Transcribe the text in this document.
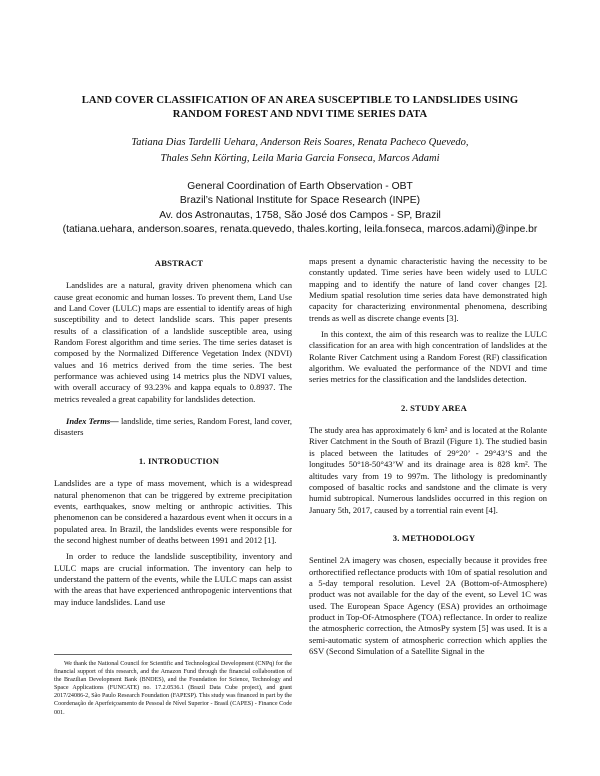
LAND COVER CLASSIFICATION OF AN AREA SUSCEPTIBLE TO LANDSLIDES USING
RANDOM FOREST AND NDVI TIME SERIES DATA
Tatiana Dias Tardelli Uehara, Anderson Reis Soares, Renata Pacheco Quevedo,
Thales Sehn Körting, Leila Maria Garcia Fonseca, Marcos Adami
General Coordination of Earth Observation - OBT
Brazil’s National Institute for Space Research (INPE)
Av. dos Astronautas, 1758, São José dos Campos - SP, Brazil
(tatiana.uehara, anderson.soares, renata.quevedo, thales.korting, leila.fonseca, marcos.adami)@inpe.br

ABSTRACT

Landslides are a natural, gravity driven phenomena which can cause great economic and human losses. To prevent them, Land Use and Land Cover (LULC) maps are essential to identify areas of high susceptibility and to detect landslide scars. This paper presents results of a classification of a landslide susceptible area, using Random Forest algorithm and time series. The time series dataset is composed by the Normalized Difference Vegetation Index (NDVI) values and 16 metrics derived from the time series. The best performance was achieved using 14 metrics plus the NDVI values, with overall accuracy of 93.23% and kappa equals to 0.8937. The metrics revealed a great capability for landslides detection.

Index Terms— landslide, time series, Random Forest, land cover, disasters

1. INTRODUCTION

Landslides are a type of mass movement, which is a widespread natural phenomenon that can be triggered by extreme precipitation events, earthquakes, snow melting or anthropic activities. This phenomenon can be considered a hazardous event when it occurs in a populated area. In Brazil, the landslides events were responsible for the second highest number of deaths between 1991 and 2012 [1].

In order to reduce the landslide susceptibility, inventory and LULC maps are crucial information. The inventory can help to understand the pattern of the events, while the LULC maps can assist with the areas that have experienced anthropogenic interventions that may induce landslides. Land use

We thank the National Council for Scientific and Technological Development (CNPq) for the financial support of this research, and the Amazon Fund through the financial collaboration of the Brazilian Development Bank (BNDES), and the Foundation for Science, Technology and Space Applications (FUNCATE) no. 17.2.0536.1 (Brazil Data Cube project), and grant 2017/24086-2, São Paulo Research Foundation (FAPESP). This study was financed in part by the Coordenação de Aperfeiçoamento de Pessoal de Nível Superior - Brasil (CAPES) - Finance Code 001.

maps present a dynamic characteristic having the necessity to be constantly updated. Time series have been widely used to LULC mapping and to identify the nature of land cover changes [2]. Medium spatial resolution time series data have demonstrated high capacity for characterizing environmental phenomena, describing trends as well as discrete change events [3].

In this context, the aim of this research was to realize the LULC classification for an area with high concentration of landslides at the Rolante River Catchment using a Random Forest (RF) classification algorithm. We evaluated the performance of the NDVI and time series metrics for the classification and the landslides detection.

2. STUDY AREA

The study area has approximately 6 km² and is located at the Rolante River Catchment in the South of Brazil (Figure 1). The studied basin is placed between the latitudes of 29°20’ - 29°43’S and the longitudes 50°18-50°43’W and its drainage area is 828 km². The altitudes vary from 19 to 997m. The lithology is predominantly composed of basaltic rocks and sandstone and the climate is very humid subtropical. Numerous landslides occurred in this region on January 5th, 2017, caused by a torrential rain event [4].

3. METHODOLOGY

Sentinel 2A imagery was chosen, especially because it provides free orthorectified reflectance products with 10m of spatial resolution and a 5-day temporal resolution. Level 2A (Bottom-of-Atmosphere) product was not available for the day of the event, so Level 1C was used. The European Space Agency (ESA) provides an orthoimage product in Top-Of-Atmosphere (TOA) reflectance. In order to realize the atmospheric correction, the AtmosPy system [5] was used. It is a semi-automatic system of atmospheric correction which applies the 6SV (Second Simulation of a Satellite Signal in the
